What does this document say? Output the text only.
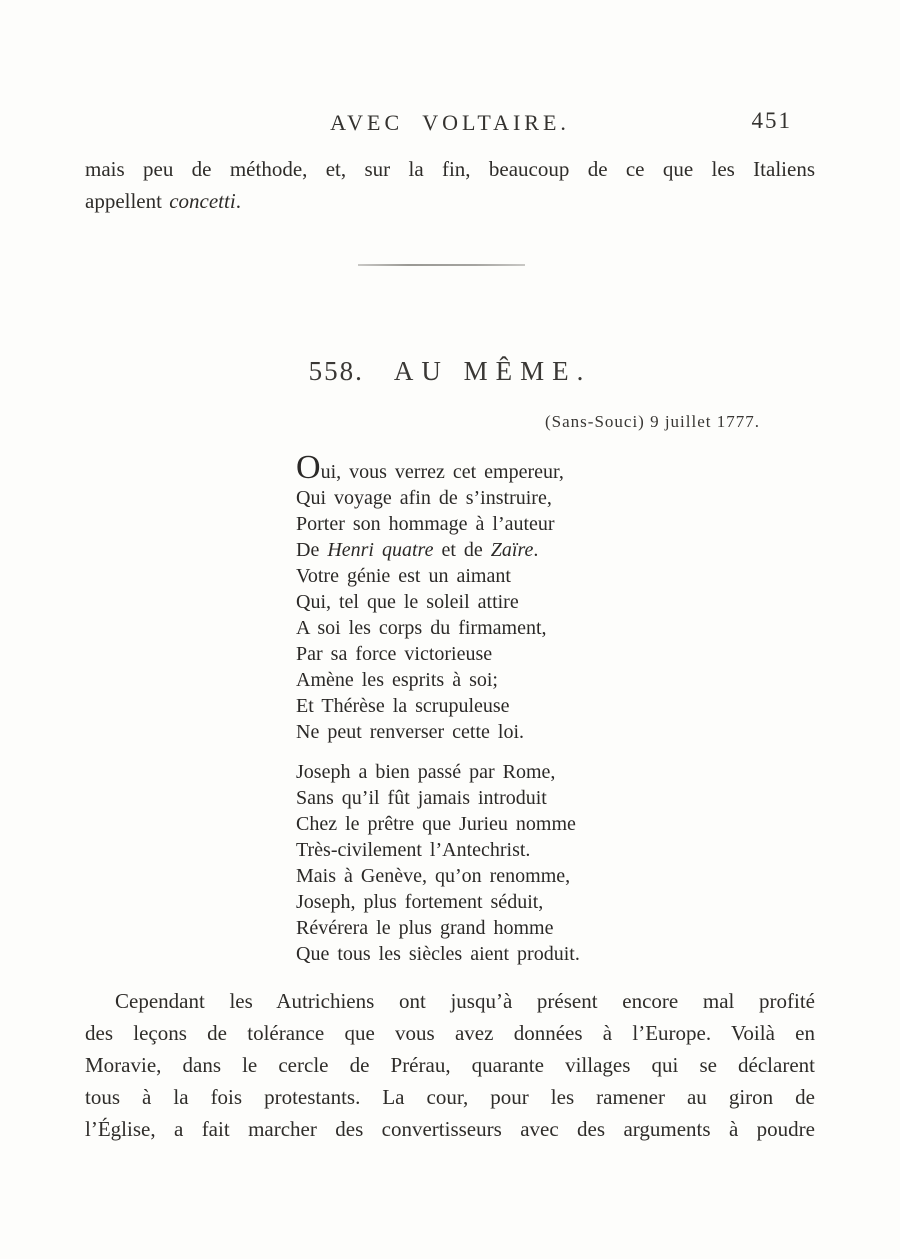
AVEC VOLTAIRE.	451
mais peu de méthode, et, sur la fin, beaucoup de ce que les Italiens
appellent concetti.
558. AU MÊME.
(Sans-Souci) 9 juillet 1777.
Oui, vous verrez cet empereur,
Qui voyage afin de s’instruire,
Porter son hommage à l’auteur
De Henri quatre et de Zaïre.
Votre génie est un aimant
Qui, tel que le soleil attire
A soi les corps du firmament,
Par sa force victorieuse
Amène les esprits à soi;
Et Thérèse la scrupuleuse
Ne peut renverser cette loi.
Joseph a bien passé par Rome,
Sans qu’il fût jamais introduit
Chez le prêtre que Jurieu nomme
Très-civilement l’Antechrist.
Mais à Genève, qu’on renomme,
Joseph, plus fortement séduit,
Révérera le plus grand homme
Que tous les siècles aient produit.
Cependant les Autrichiens ont jusqu’à présent encore mal profité
des leçons de tolérance que vous avez données à l’Europe. Voilà en
Moravie, dans le cercle de Prérau, quarante villages qui se déclarent
tous à la fois protestants. La cour, pour les ramener au giron de
l’Église, a fait marcher des convertisseurs avec des arguments à poudre
